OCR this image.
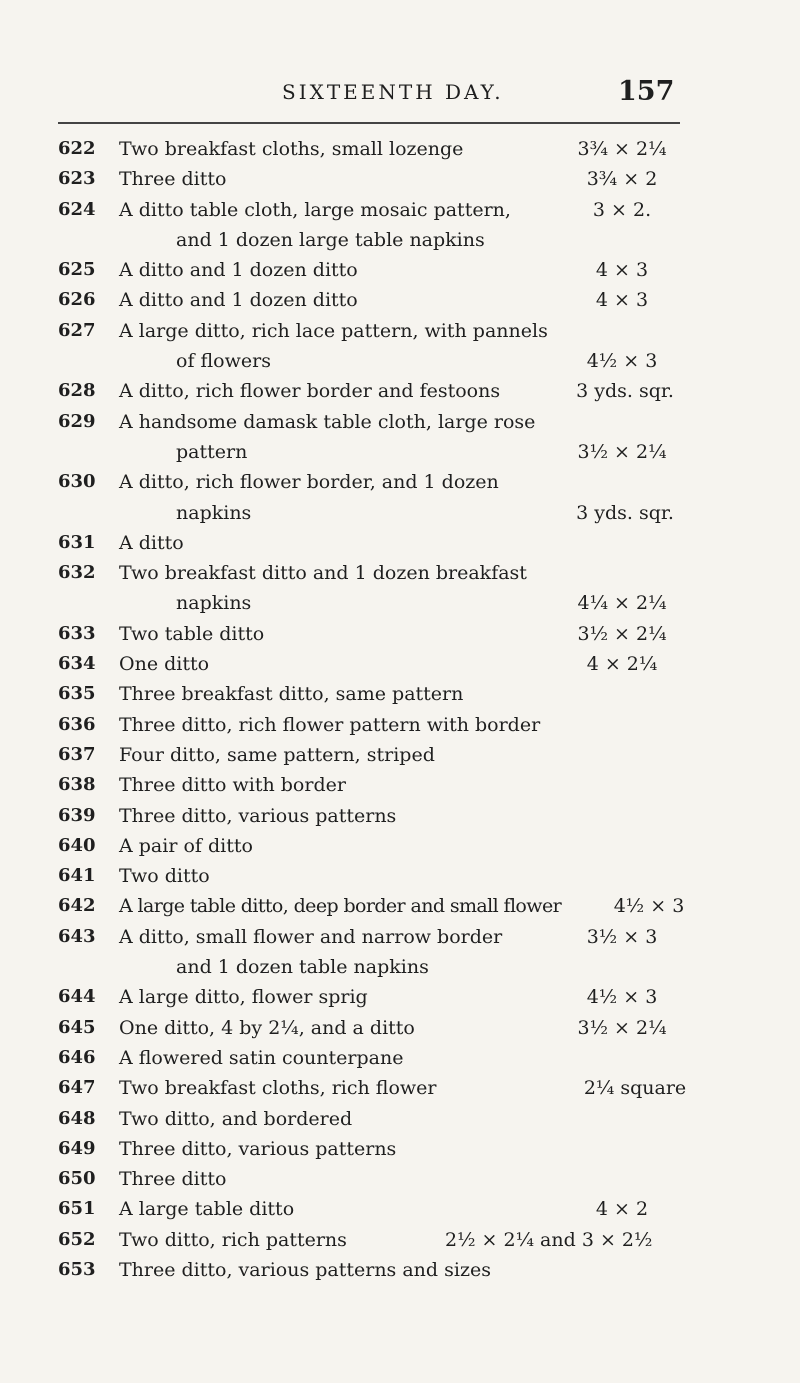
SIXTEENTH DAY.	157
622 Two breakfast cloths, small lozenge	3¾ × 2¼
623 Three ditto	3¾ × 2
624 A ditto table cloth, large mosaic pattern,	3 × 2.
and 1 dozen large table napkins
625 A ditto and 1 dozen ditto	4 × 3
626 A ditto and 1 dozen ditto	4 × 3
627 A large ditto, rich lace pattern, with pannels
of flowers	4½ × 3
628 A ditto, rich flower border and festoons	3 yds. sqr.
629 A handsome damask table cloth, large rose
pattern	3½ × 2¼
630 A ditto, rich flower border, and 1 dozen
napkins	3 yds. sqr.
631 A ditto
632 Two breakfast ditto and 1 dozen breakfast
napkins	4¼ × 2¼
633 Two table ditto	3½ × 2¼
634 One ditto	4 × 2¼
635 Three breakfast ditto, same pattern
636 Three ditto, rich flower pattern with border
637 Four ditto, same pattern, striped
638 Three ditto with border
639 Three ditto, various patterns
640 A pair of ditto
641 Two ditto
642 A large table ditto, deep border and small flower	4½ × 3
643 A ditto, small flower and narrow border	3½ × 3
and 1 dozen table napkins
644 A large ditto, flower sprig	4½ × 3
645 One ditto, 4 by 2¼, and a ditto	3½ × 2¼
646 A flowered satin counterpane
647 Two breakfast cloths, rich flower	2¼ square
648 Two ditto, and bordered
649 Three ditto, various patterns
650 Three ditto
651 A large table ditto	4 × 2
652 Two ditto, rich patterns	2½ × 2¼ and 3 × 2½
653 Three ditto, various patterns and sizes
